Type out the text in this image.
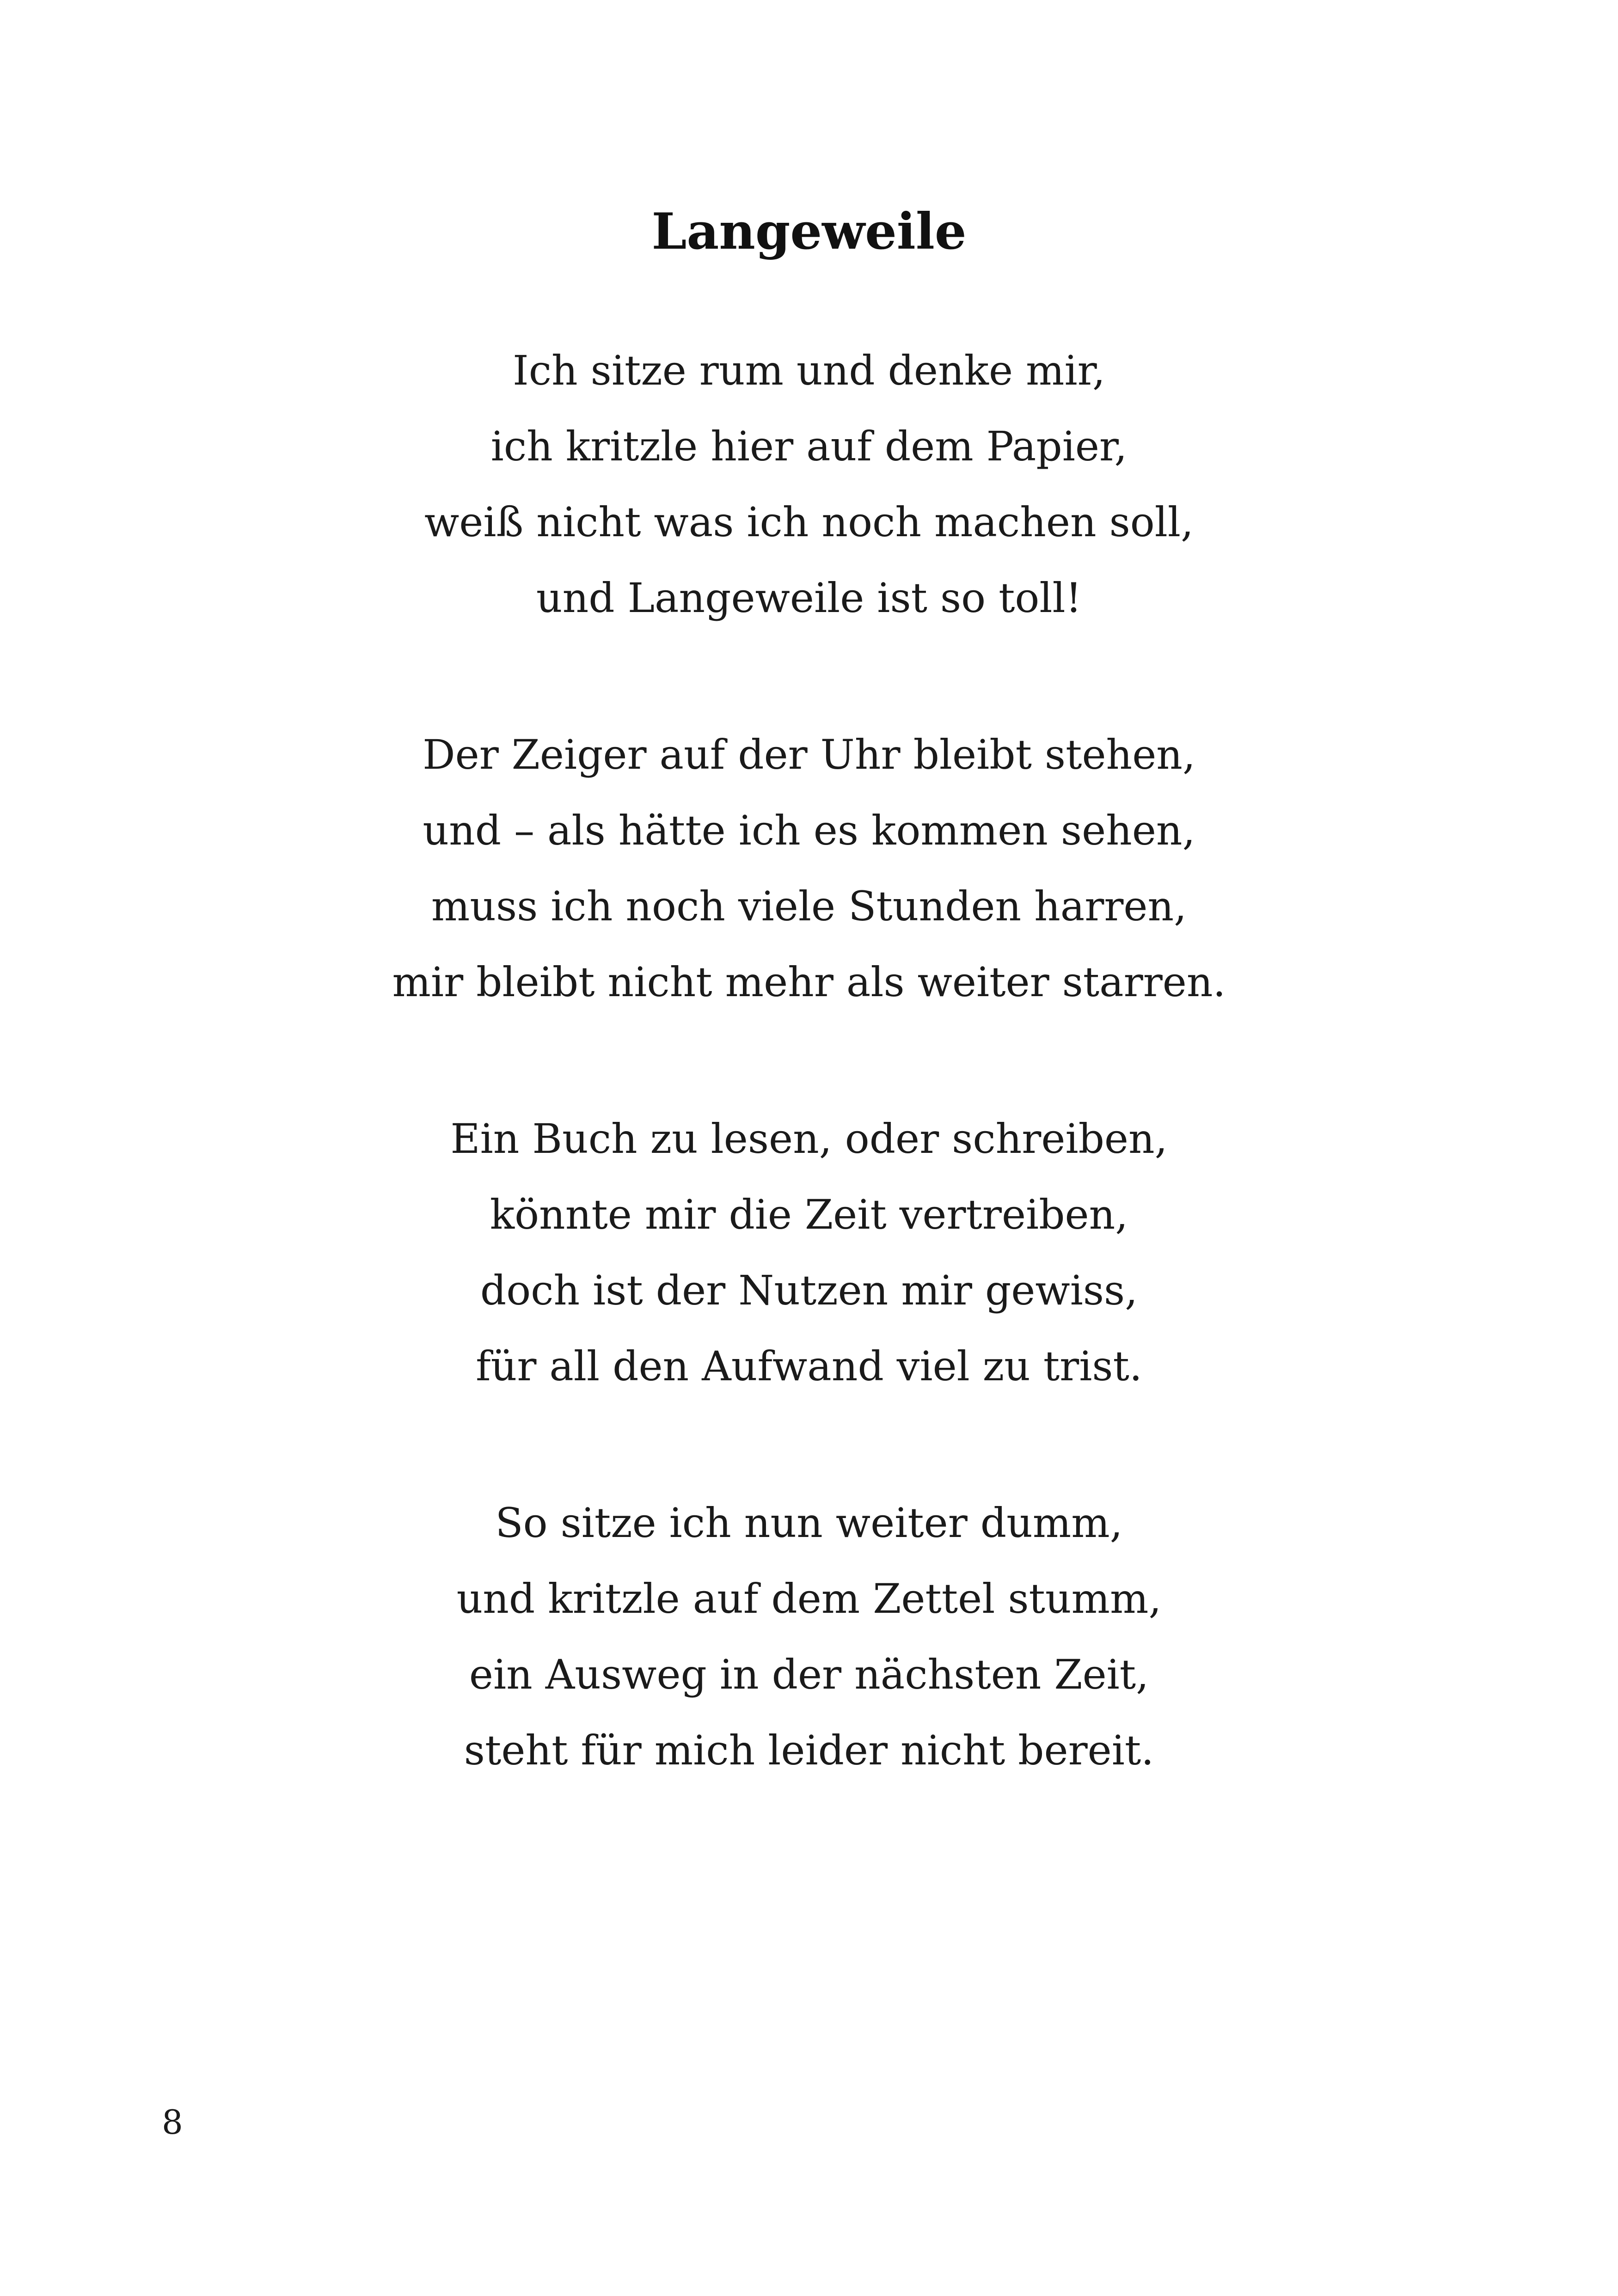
Langeweile
Ich sitze rum und denke mir,
ich kritzle hier auf dem Papier,
weiß nicht was ich noch machen soll,
und Langeweile ist so toll!
Der Zeiger auf der Uhr bleibt stehen,
und – als hätte ich es kommen sehen,
muss ich noch viele Stunden harren,
mir bleibt nicht mehr als weiter starren.
Ein Buch zu lesen, oder schreiben,
könnte mir die Zeit vertreiben,
doch ist der Nutzen mir gewiss,
für all den Aufwand viel zu trist.
So sitze ich nun weiter dumm,
und kritzle auf dem Zettel stumm,
ein Ausweg in der nächsten Zeit,
steht für mich leider nicht bereit.
8
